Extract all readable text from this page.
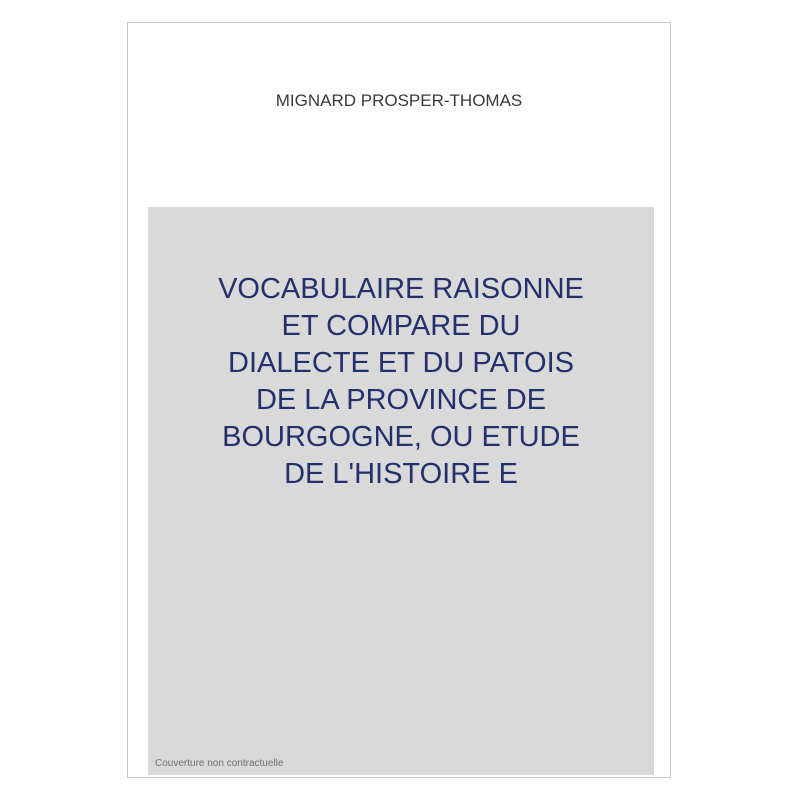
MIGNARD PROSPER-THOMAS
VOCABULAIRE RAISONNE
ET COMPARE DU
DIALECTE ET DU PATOIS
DE LA PROVINCE DE
BOURGOGNE, OU ETUDE
DE L'HISTOIRE E
Couverture non contractuelle
